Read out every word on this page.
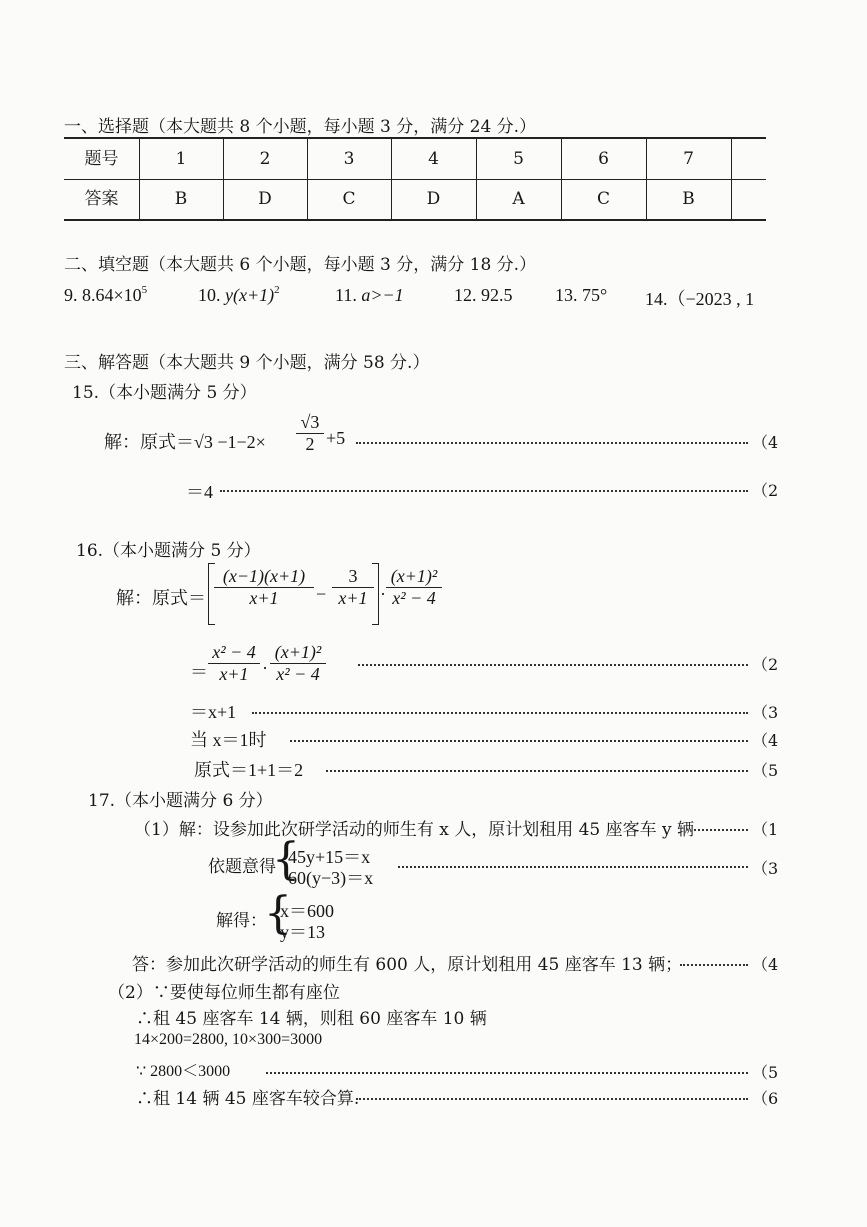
一、选择题（本大题共 8 个小题，每小题 3 分，满分 24 分.）
题号	1	2	3	4	5	6	7
答案	B	D	C	D	A	C	B
二、填空题（本大题共 6 个小题，每小题 3 分，满分 18 分.）
9. $8.64\times 10^5$	10. $y(x+1)^2$	11. a>−1	12. 92.5 13. 75° 14.（−2023 , 1
三、解答题（本大题共 9 个小题，满分 58 分.）
15.（本小题满分 5 分）
解：原式$=√3 -1-2\times \frac{√3}{2} +5$	（4
＝4	（2
16.（本小题满分 5 分）
解：原式＝ $\frac{(x-1)(x+1)}{x+1} - \frac{3}{x+1} \cdot \frac{\text{(x+1)²}}{\text{x² − 4}}$
＝ $\frac{\text{x² − 4}}{x+1} \cdot \frac{\text{(x+1)²}}{\text{x² − 4}}$	（2
＝x+1	（3
当 x＝1时	（4
原式＝1+1＝2	（5
17.（本小题满分 6 分）
（1）解：设参加此次研学活动的师生有 x 人，原计划租用 45 座客车 y 辆	（1
依题意得
{
45y+15＝x
60(y−3)＝x	（3
解得：
{
x＝600
y＝13
答：参加此次研学活动的师生有 600 人，原计划租用 45 座客车 13 辆；	（4
（2）∵要使每位师生都有座位
∴租 45 座客车 14 辆，则租 60 座客车 10 辆
14×200=2800, 10×300=3000
∵ 2800＜3000	（5
∴租 14 辆 45 座客车较合算.	（6
